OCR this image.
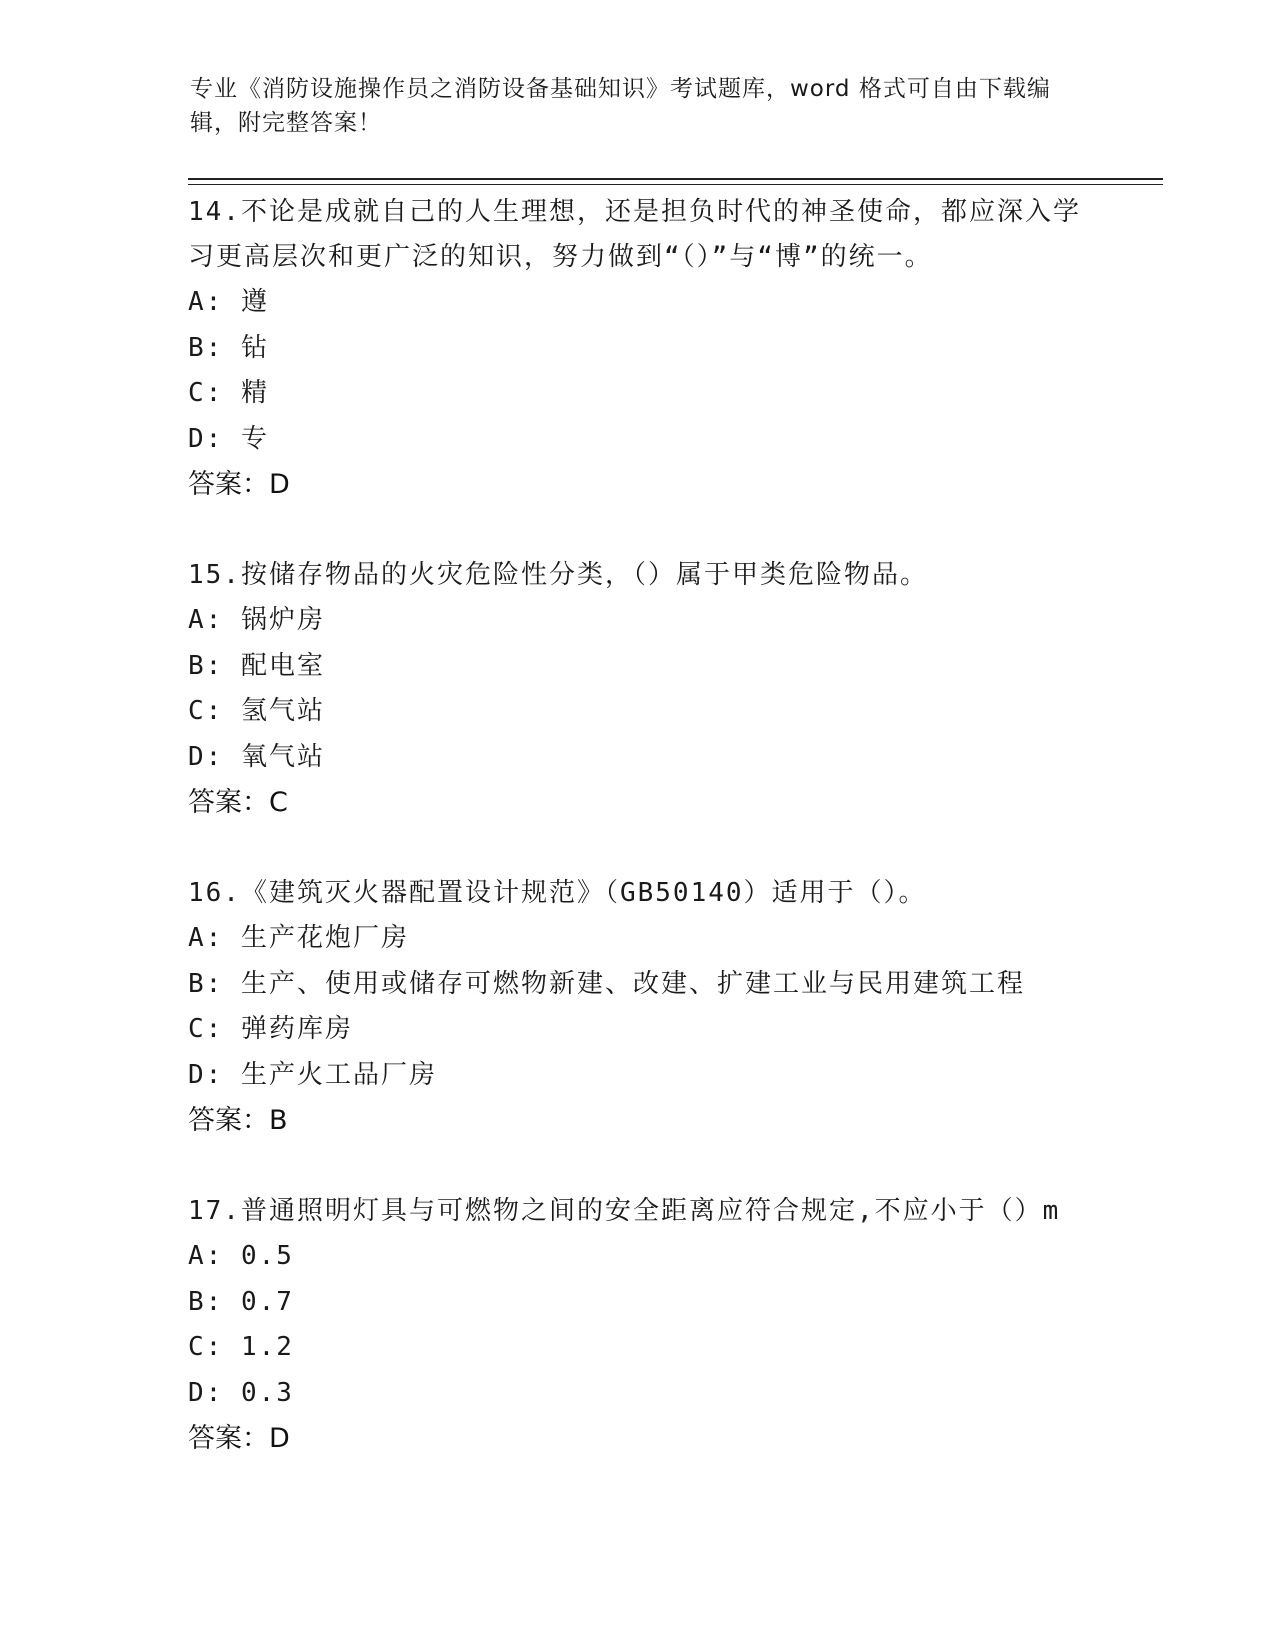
专业《消防设施操作员之消防设备基础知识》考试题库，word 格式可自由下载编辑，附完整答案！

14.不论是成就自己的人生理想，还是担负时代的神圣使命，都应深入学习更高层次和更广泛的知识，努力做到“（）”与“博”的统一。

A: 遵
B: 钻
C: 精
D: 专
答案：D

15.按储存物品的火灾危险性分类，（）属于甲类危险物品。

A: 锅炉房
B: 配电室
C: 氢气站
D: 氧气站
答案：C

16.《建筑灭火器配置设计规范》（GB50140）适用于（）。

A: 生产花炮厂房
B: 生产、使用或储存可燃物新建、改建、扩建工业与民用建筑工程
C: 弹药库房
D: 生产火工品厂房
答案：B

17.普通照明灯具与可燃物之间的安全距离应符合规定,不应小于（）m

A: 0.5
B: 0.7
C: 1.2
D: 0.3
答案：D
